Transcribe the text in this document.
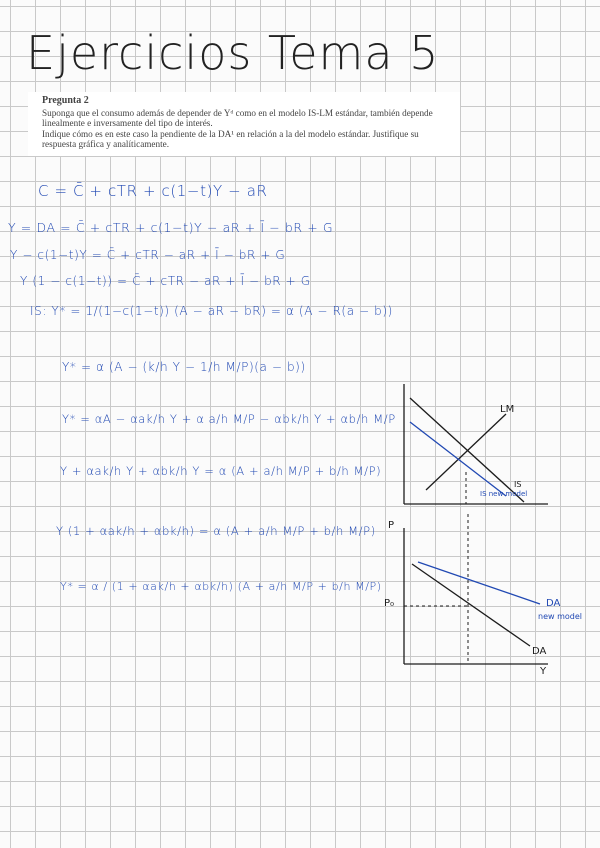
Ejercicios Tema 5
Pregunta 2

Suponga que el consumo además de depender de Yᵈ como en el modelo IS-LM estándar, también depende linealmente e inversamente del tipo de interés.

Indique cómo es en este caso la pendiente de la DA¹ en relación a la del modelo estándar. Justifique su respuesta gráfica y analíticamente.

C = C̄ + cTR + c(1−t)Y − aR
Y = DA = C̄ + cTR + c(1−t)Y − aR + Ī − bR + G
Y − c(1−t)Y = C̄ + cTR − aR + Ī − bR + G
Y (1 − c(1−t)) = C̄ + cTR − aR + Ī − bR + G
IS: Y* = 1/(1−c(1−t)) (A − aR − bR) = α (A − R(a − b))
Y* = α (A − (k/h Y − 1/h M/P)(a − b))
Y* = αA − αak/h Y + α a/h M/P − αbk/h Y + αb/h M/P
Y + αak/h Y + αbk/h Y = α (A + a/h M/P + b/h M/P)
Y (1 + αak/h + αbk/h) = α (A + a/h M/P + b/h M/P)
Y* = α / (1 + αak/h + αbk/h) (A + a/h M/P + b/h M/P)
LM
IS
IS new model
P
P₀	DA
new model
DA
Y
